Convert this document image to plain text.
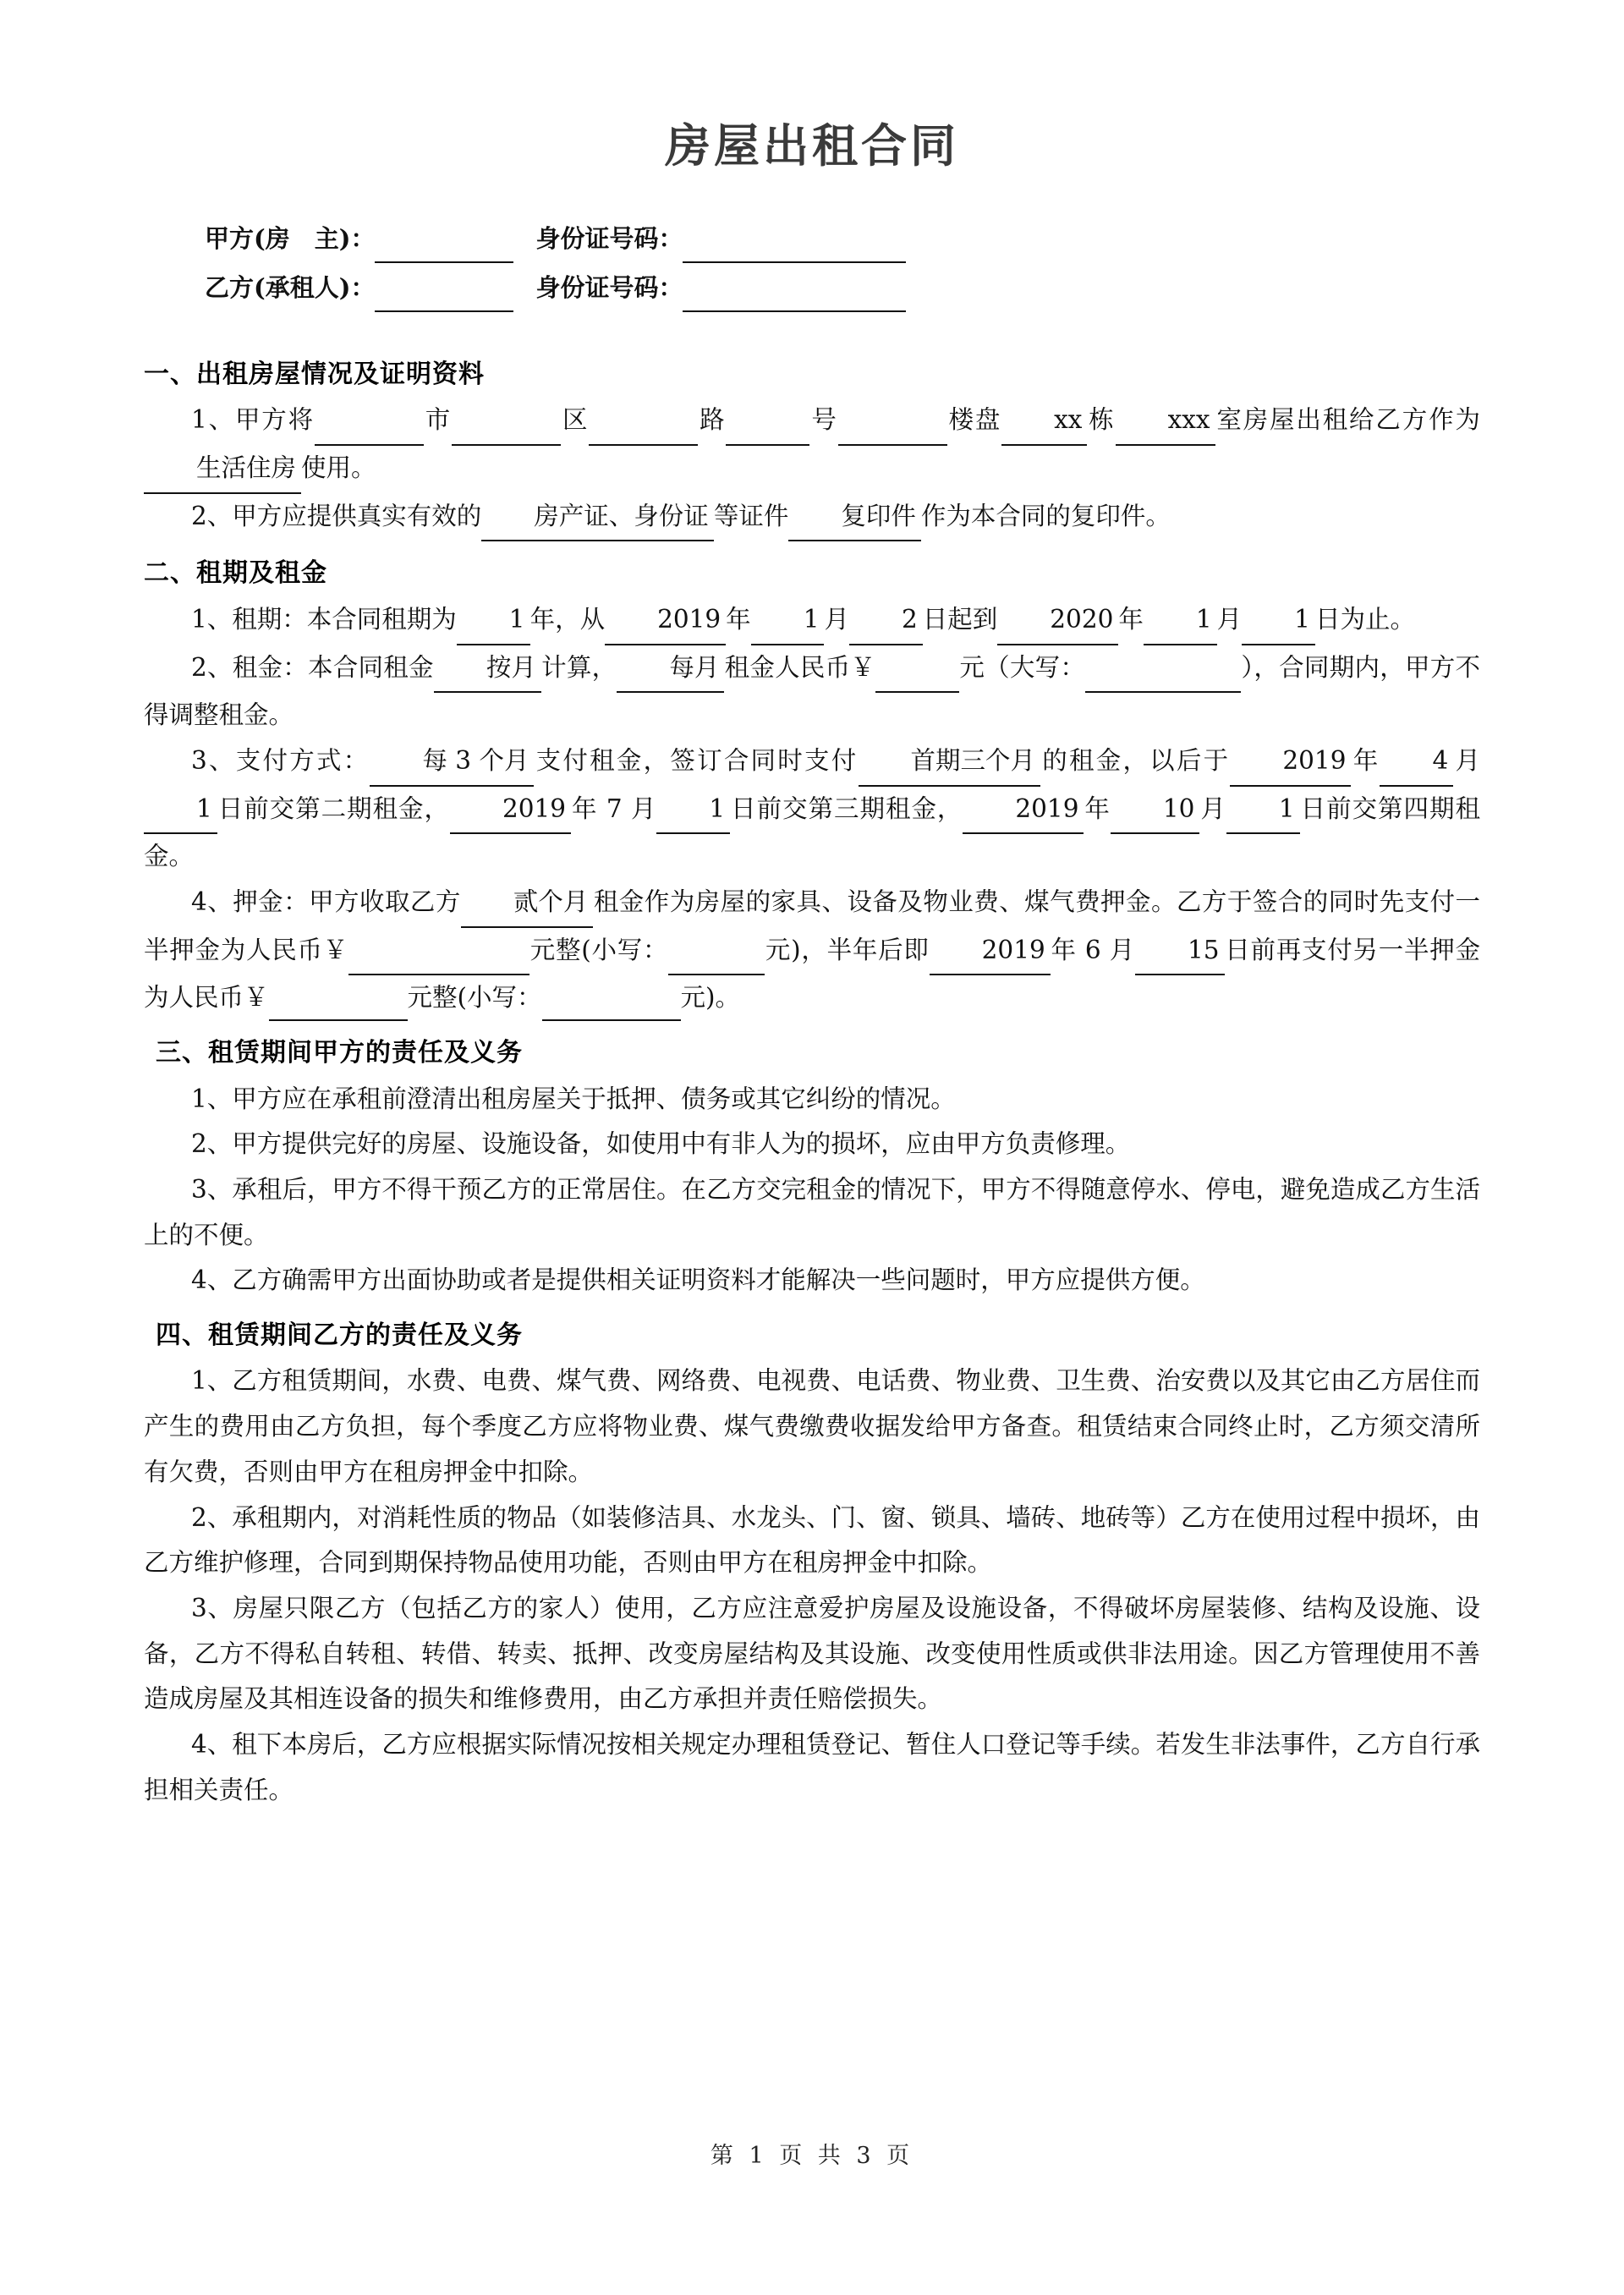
房屋出租合同
甲方(房　主)：	身份证号码：
乙方(承租人)：	身份证号码：
一、出租房屋情况及证明资料

1、甲方将	市	区	路	号	楼盘 xx 栋 xxx 室房屋出租给乙方作为生活住房 使用。

2、甲方应提供真实有效的 房产证、身份证 等证件 复印件 作为本合同的复印件。

二、租期及租金

1、租期：本合同租期为 1 年，从 2019 年 1 月 2 日起到 2020 年 1 月 1 日为止。

2、租金：本合同租金 按月 计算， 每月 租金人民币￥	元（大写：	），合同期内，甲方不得调整租金。

3、支付方式： 每 3 个月 支付租金，签订合同时支付 首期三个月 的租金，以后于 2019 年 4 月1 日前交第二期租金， 2019 年 7 月 1 日前交第三期租金， 2019 年 10 月 1 日前交第四期租金。

4、押金：甲方收取乙方 贰个月 租金作为房屋的家具、设备及物业费、煤气费押金。乙方于签合的同时先支付一半押金为人民币￥	元整(小写：	元)，半年后即 2019 年 6 月 15 日前再支付另一半押金为人民币￥	元整(小写：	元)。

三、租赁期间甲方的责任及义务

1、甲方应在承租前澄清出租房屋关于抵押、债务或其它纠纷的情况。

2、甲方提供完好的房屋、设施设备，如使用中有非人为的损坏，应由甲方负责修理。

3、承租后，甲方不得干预乙方的正常居住。在乙方交完租金的情况下，甲方不得随意停水、停电，避免造成乙方生活上的不便。

4、乙方确需甲方出面协助或者是提供相关证明资料才能解决一些问题时，甲方应提供方便。

四、租赁期间乙方的责任及义务

1、乙方租赁期间，水费、电费、煤气费、网络费、电视费、电话费、物业费、卫生费、治安费以及其它由乙方居住而产生的费用由乙方负担，每个季度乙方应将物业费、煤气费缴费收据发给甲方备查。租赁结束合同终止时，乙方须交清所有欠费，否则由甲方在租房押金中扣除。

2、承租期内，对消耗性质的物品（如装修洁具、水龙头、门、窗、锁具、墙砖、地砖等）乙方在使用过程中损坏，由乙方维护修理，合同到期保持物品使用功能，否则由甲方在租房押金中扣除。

3、房屋只限乙方（包括乙方的家人）使用，乙方应注意爱护房屋及设施设备，不得破坏房屋装修、结构及设施、设备，乙方不得私自转租、转借、转卖、抵押、改变房屋结构及其设施、改变使用性质或供非法用途。因乙方管理使用不善造成房屋及其相连设备的损失和维修费用，由乙方承担并责任赔偿损失。

4、租下本房后，乙方应根据实际情况按相关规定办理租赁登记、暂住人口登记等手续。若发生非法事件，乙方自行承担相关责任。

第 1 页 共 3 页
